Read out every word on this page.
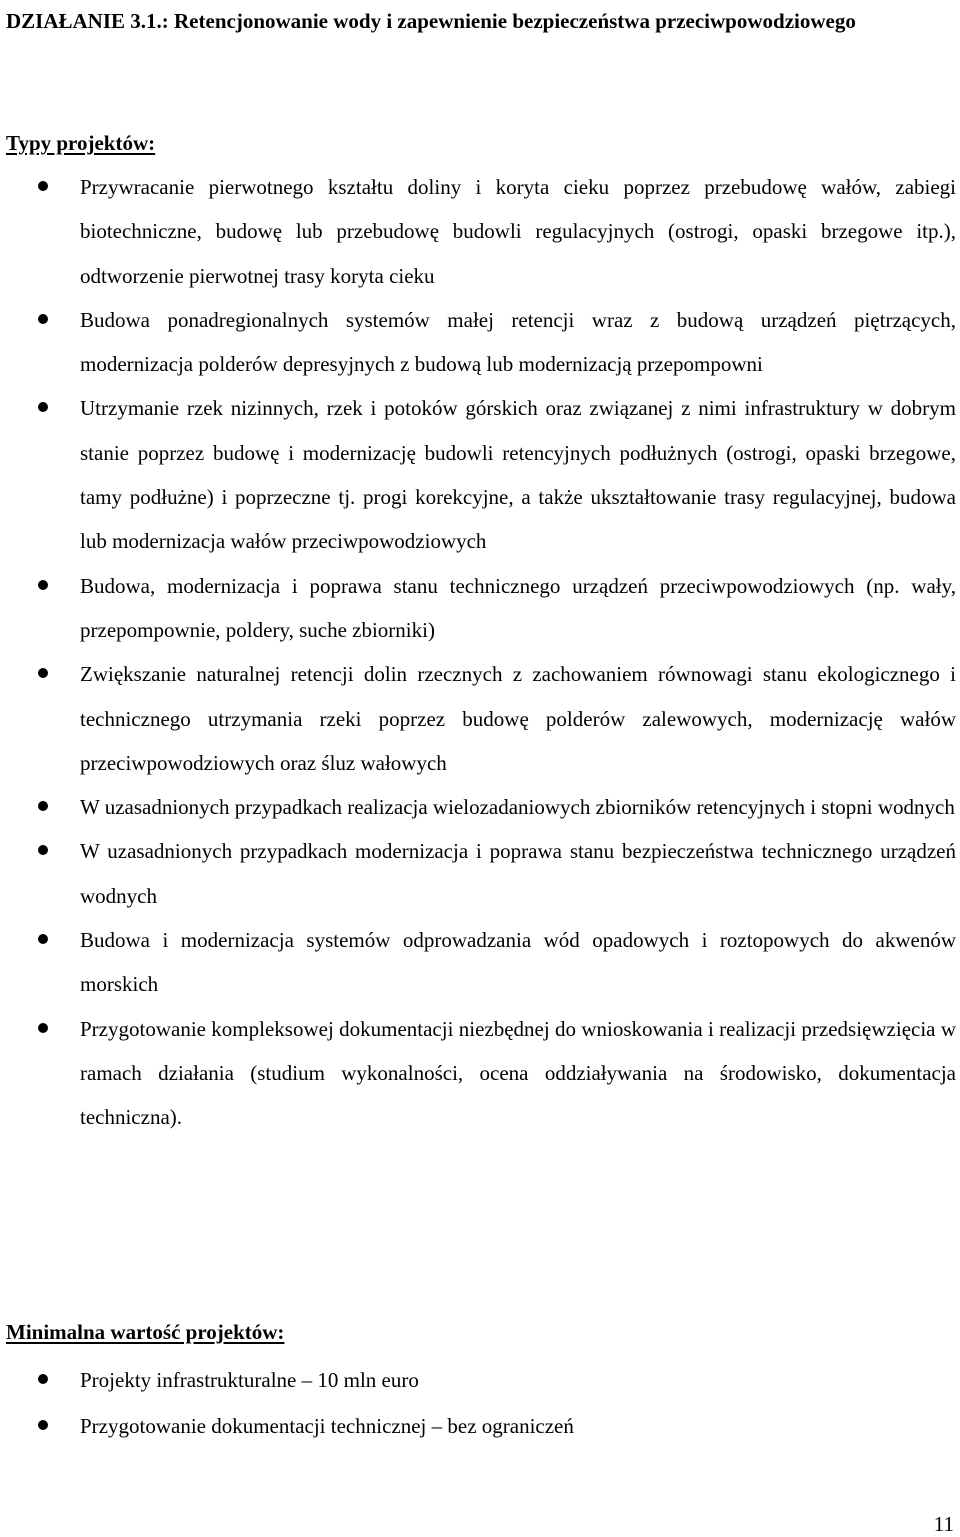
DZIAŁANIE 3.1.: Retencjonowanie wody i zapewnienie bezpieczeństwa przeciwpowodziowego
Typy projektów:
Przywracanie pierwotnego kształtu doliny i koryta cieku poprzez przebudowę wałów, zabiegi biotechniczne, budowę lub przebudowę budowli regulacyjnych (ostrogi, opaski brzegowe itp.), odtworzenie pierwotnej trasy koryta cieku
Budowa ponadregionalnych systemów małej retencji wraz z budową urządzeń piętrzących, modernizacja polderów depresyjnych z budową lub modernizacją przepompowni
Utrzymanie rzek nizinnych, rzek i potoków górskich oraz związanej z nimi infrastruktury w dobrym stanie poprzez budowę i modernizację budowli retencyjnych podłużnych (ostrogi, opaski brzegowe, tamy podłużne) i poprzeczne tj. progi korekcyjne, a także ukształtowanie trasy regulacyjnej, budowa lub modernizacja wałów przeciwpowodziowych
Budowa, modernizacja i poprawa stanu technicznego urządzeń przeciwpowodziowych (np. wały, przepompownie, poldery, suche zbiorniki)
Zwiększanie naturalnej retencji dolin rzecznych z zachowaniem równowagi stanu ekologicznego i technicznego utrzymania rzeki poprzez budowę polderów zalewowych, modernizację wałów przeciwpowodziowych oraz śluz wałowych
W uzasadnionych przypadkach realizacja wielozadaniowych zbiorników retencyjnych i stopni wodnych
W uzasadnionych przypadkach modernizacja i poprawa stanu bezpieczeństwa technicznego urządzeń wodnych
Budowa i modernizacja systemów odprowadzania wód opadowych i roztopowych do akwenów morskich
Przygotowanie kompleksowej dokumentacji niezbędnej do wnioskowania i realizacji przedsięwzięcia w ramach działania (studium wykonalności, ocena oddziaływania na środowisko, dokumentacja techniczna).
Minimalna wartość projektów:
Projekty infrastrukturalne – 10 mln euro
Przygotowanie dokumentacji technicznej – bez ograniczeń
11
